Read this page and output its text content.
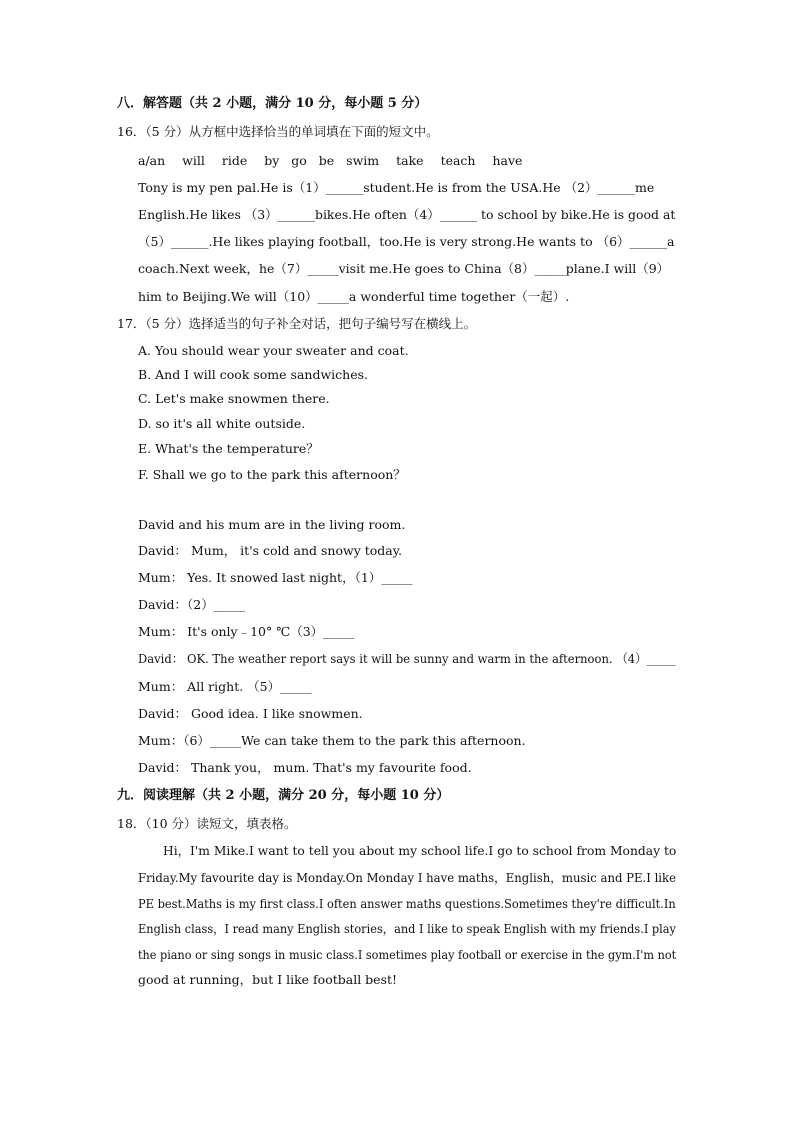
八．解答题（共 2 小题，满分 10 分，每小题 5 分）
16．（5 分）从方框中选择恰当的单词填在下面的短文中。
a/an will ride by go be swim take teach have
Tony is my pen pal.He is（1）______student.He is from the USA.He （2）______me
English.He likes （3）______bikes.He often（4）______ to school by bike.He is good at
（5）______.He likes playing football，too.He is very strong.He wants to （6）______a
coach.Next week，he（7）_____visit me.He goes to China（8）_____plane.I will（9）
him to Beijing.We will（10）_____a wonderful time together（一起）.
17．（5 分）选择适当的句子补全对话，把句子编号写在横线上。
A. You should wear your sweater and coat.
B. And I will cook some sandwiches.
C. Let's make snowmen there.
D. so it's all white outside.
E. What's the temperature？
F. Shall we go to the park this afternoon？
David and his mum are in the living room.
David： Mum， it's cold and snowy today.
Mum： Yes. It snowed last night，（1）_____
David：（2）_____
Mum： It's only﹣10° ℃（3）_____
David： OK. The weather report says it will be sunny and warm in the afternoon. （4）_____
Mum： All right. （5）_____
David： Good idea. I like snowmen.
Mum：（6）_____We can take them to the park this afternoon.
David： Thank you， mum. That's my favourite food.
九．阅读理解（共 2 小题，满分 20 分，每小题 10 分）
18．（10 分）读短文，填表格。
Hi，I'm Mike.I want to tell you about my school life.I go to school from Monday to
Friday.My favourite day is Monday.On Monday I have maths，English，music and PE.I like
PE best.Maths is my first class.I often answer maths questions.Sometimes they're difficult.In
English class，I read many English stories，and I like to speak English with my friends.I play
the piano or sing songs in music class.I sometimes play football or exercise in the gym.I'm not
good at running，but I like football best!
